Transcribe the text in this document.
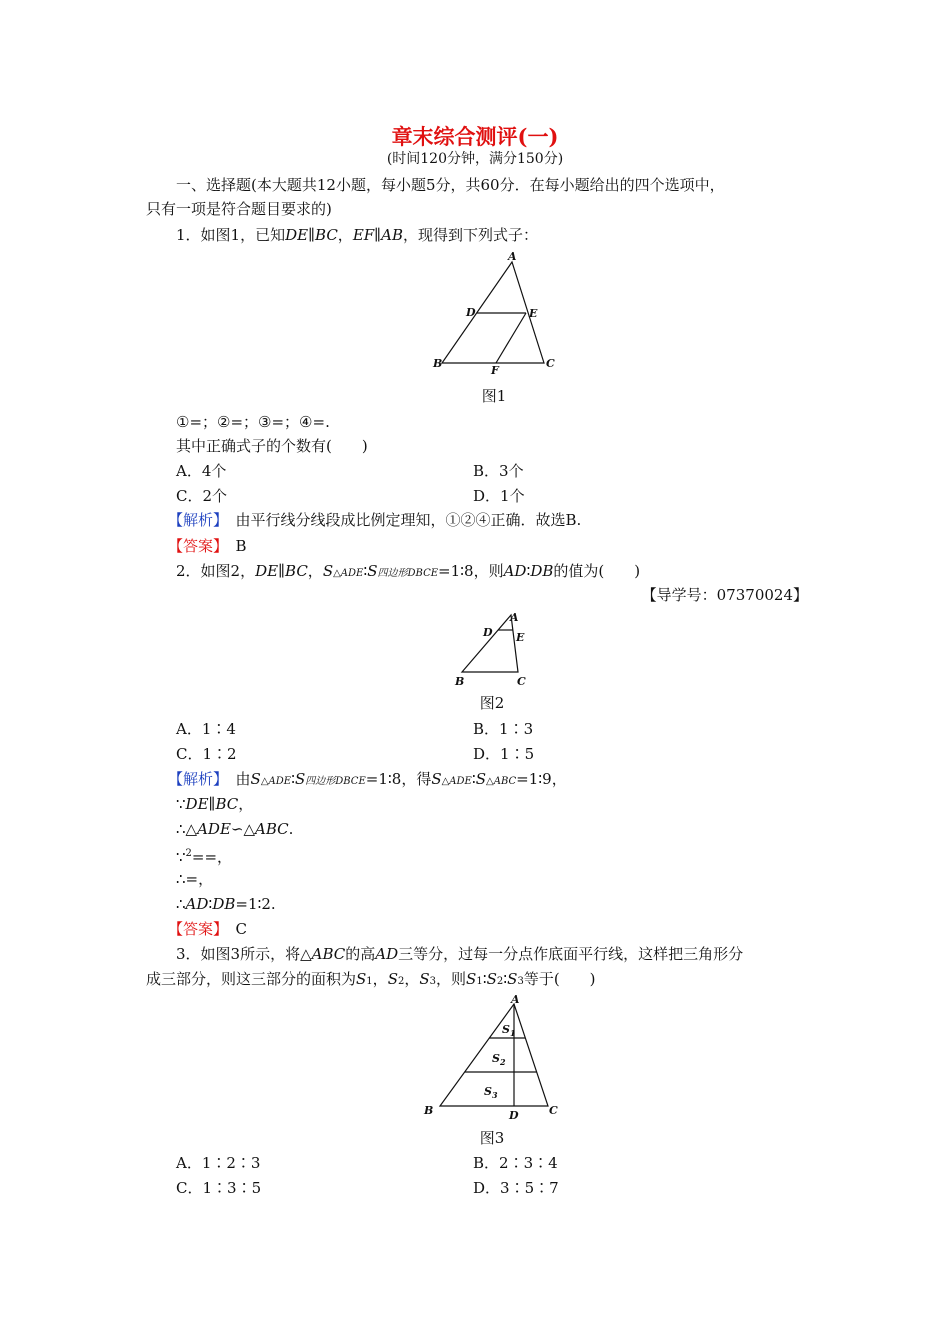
章末综合测评(一)
(时间120分钟，满分150分)
一、选择题(本大题共12小题，每小题5分，共60分．在每小题给出的四个选项中，
只有一项是符合题目要求的)
1．如图1，已知DE∥BC，EF∥AB，现得到下列式子：
A
D	E
B
F
C
图1
①=；②=；③=；④=.
其中正确式子的个数有(　　)
A．4个	B．3个
C．2个	D．1个
【解析】　 由平行线分线段成比例定理知，①②④正确．故选B.
【答案】　 B
2．如图2，DE∥BC，S△ADE∶S四边形DBCE=1∶8，则AD∶DB的值为(　　)
【导学号：07370024】
A
D E
B	C
图2
A．1∶4	B．1∶3
C．1∶2	D．1∶5
【解析】　 由S△ADE∶S四边形DBCE=1∶8，得S△ADE∶S△ABC=1∶9，
∵DE∥BC，
∴△ADE∽△ABC.
∵$^2$==，
∴=，
∴AD∶DB=1∶2.
【答案】　 C
3．如图3所示，将△ABC的高AD三等分，过每一分点作底面平行线，这样把三角形分
成三部分，则这三部分的面积为S1，S2，S3，则S1∶S2∶S3等于(　　)
A
$S_1$
$S_2$
$S_3$
B	D	C
图3
A．1∶2∶3	B．2∶3∶4
C．1∶3∶5	D．3∶5∶7
